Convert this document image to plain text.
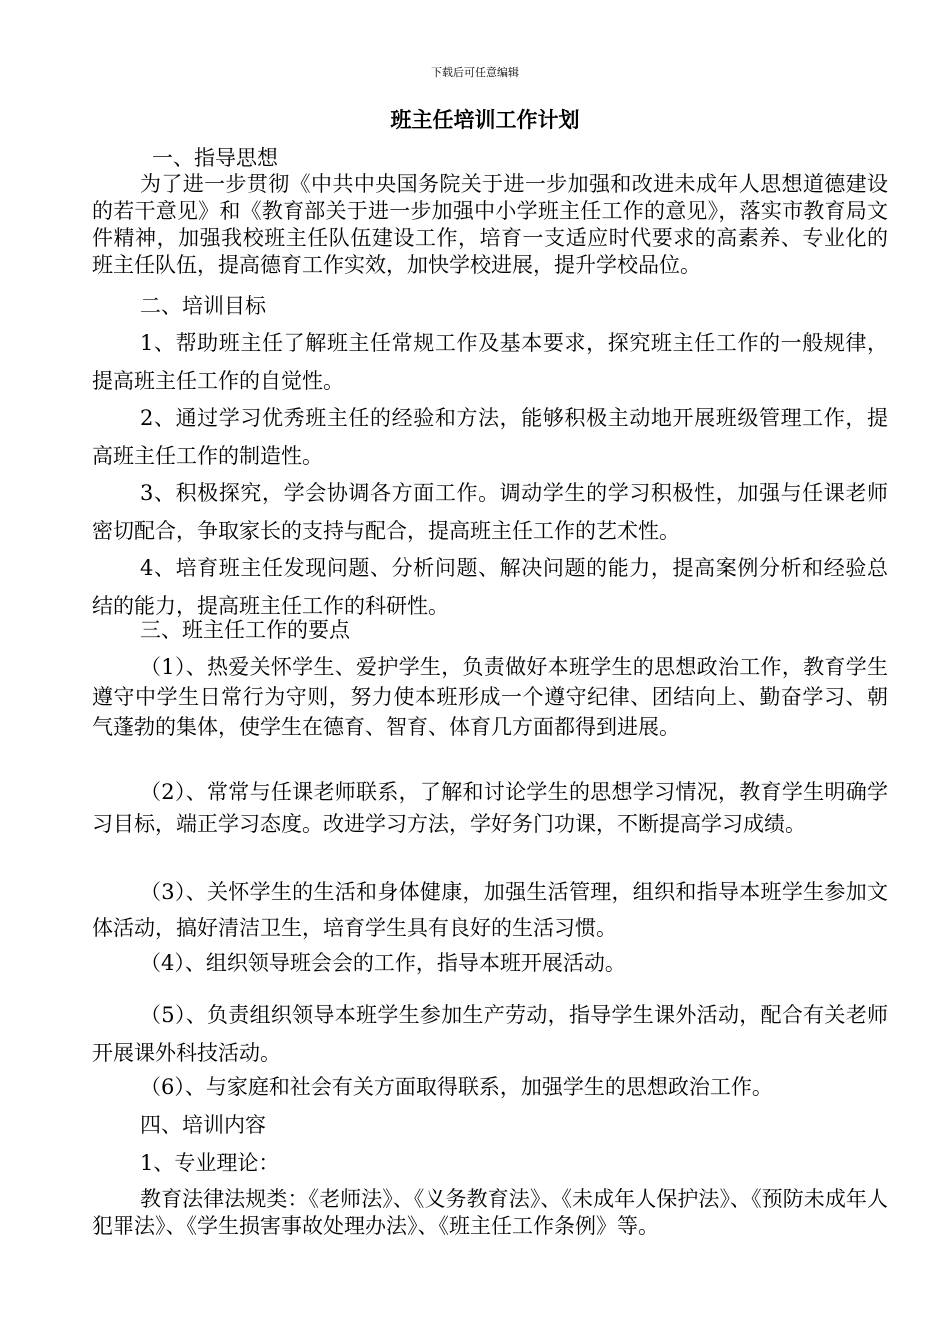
下载后可任意编辑
班主任培训工作计划

一、指导思想

为了进一步贯彻《中共中央国务院关于进一步加强和改进未成年人思想道德建设的若干意见》和《教育部关于进一步加强中小学班主任工作的意见》，落实市教育局文件精神，加强我校班主任队伍建设工作，培育一支适应时代要求的高素养、专业化的班主任队伍，提高德育工作实效，加快学校进展，提升学校品位。

二、培训目标

1、帮助班主任了解班主任常规工作及基本要求，探究班主任工作的一般规律，提高班主任工作的自觉性。

2、通过学习优秀班主任的经验和方法，能够积极主动地开展班级管理工作，提高班主任工作的制造性。

3、积极探究，学会协调各方面工作。调动学生的学习积极性，加强与任课老师密切配合，争取家长的支持与配合，提高班主任工作的艺术性。

4、培育班主任发现问题、分析问题、解决问题的能力，提高案例分析和经验总结的能力，提高班主任工作的科研性。

三、班主任工作的要点

（1）、热爱关怀学生、爱护学生，负责做好本班学生的思想政治工作，教育学生遵守中学生日常行为守则，努力使本班形成一个遵守纪律、团结向上、勤奋学习、朝气蓬勃的集体，使学生在德育、智育、体育几方面都得到进展。

（2）、常常与任课老师联系，了解和讨论学生的思想学习情况，教育学生明确学习目标，端正学习态度。改进学习方法，学好务门功课，不断提高学习成绩。

（3）、关怀学生的生活和身体健康，加强生活管理，组织和指导本班学生参加文体活动，搞好清洁卫生，培育学生具有良好的生活习惯。

（4）、组织领导班会会的工作，指导本班开展活动。

（5）、负责组织领导本班学生参加生产劳动，指导学生课外活动，配合有关老师开展课外科技活动。

（6）、与家庭和社会有关方面取得联系，加强学生的思想政治工作。

四、培训内容

1、专业理论：

教育法律法规类：《老师法》、《义务教育法》、《未成年人保护法》、《预防未成年人犯罪法》、《学生损害事故处理办法》、《班主任工作条例》等。
